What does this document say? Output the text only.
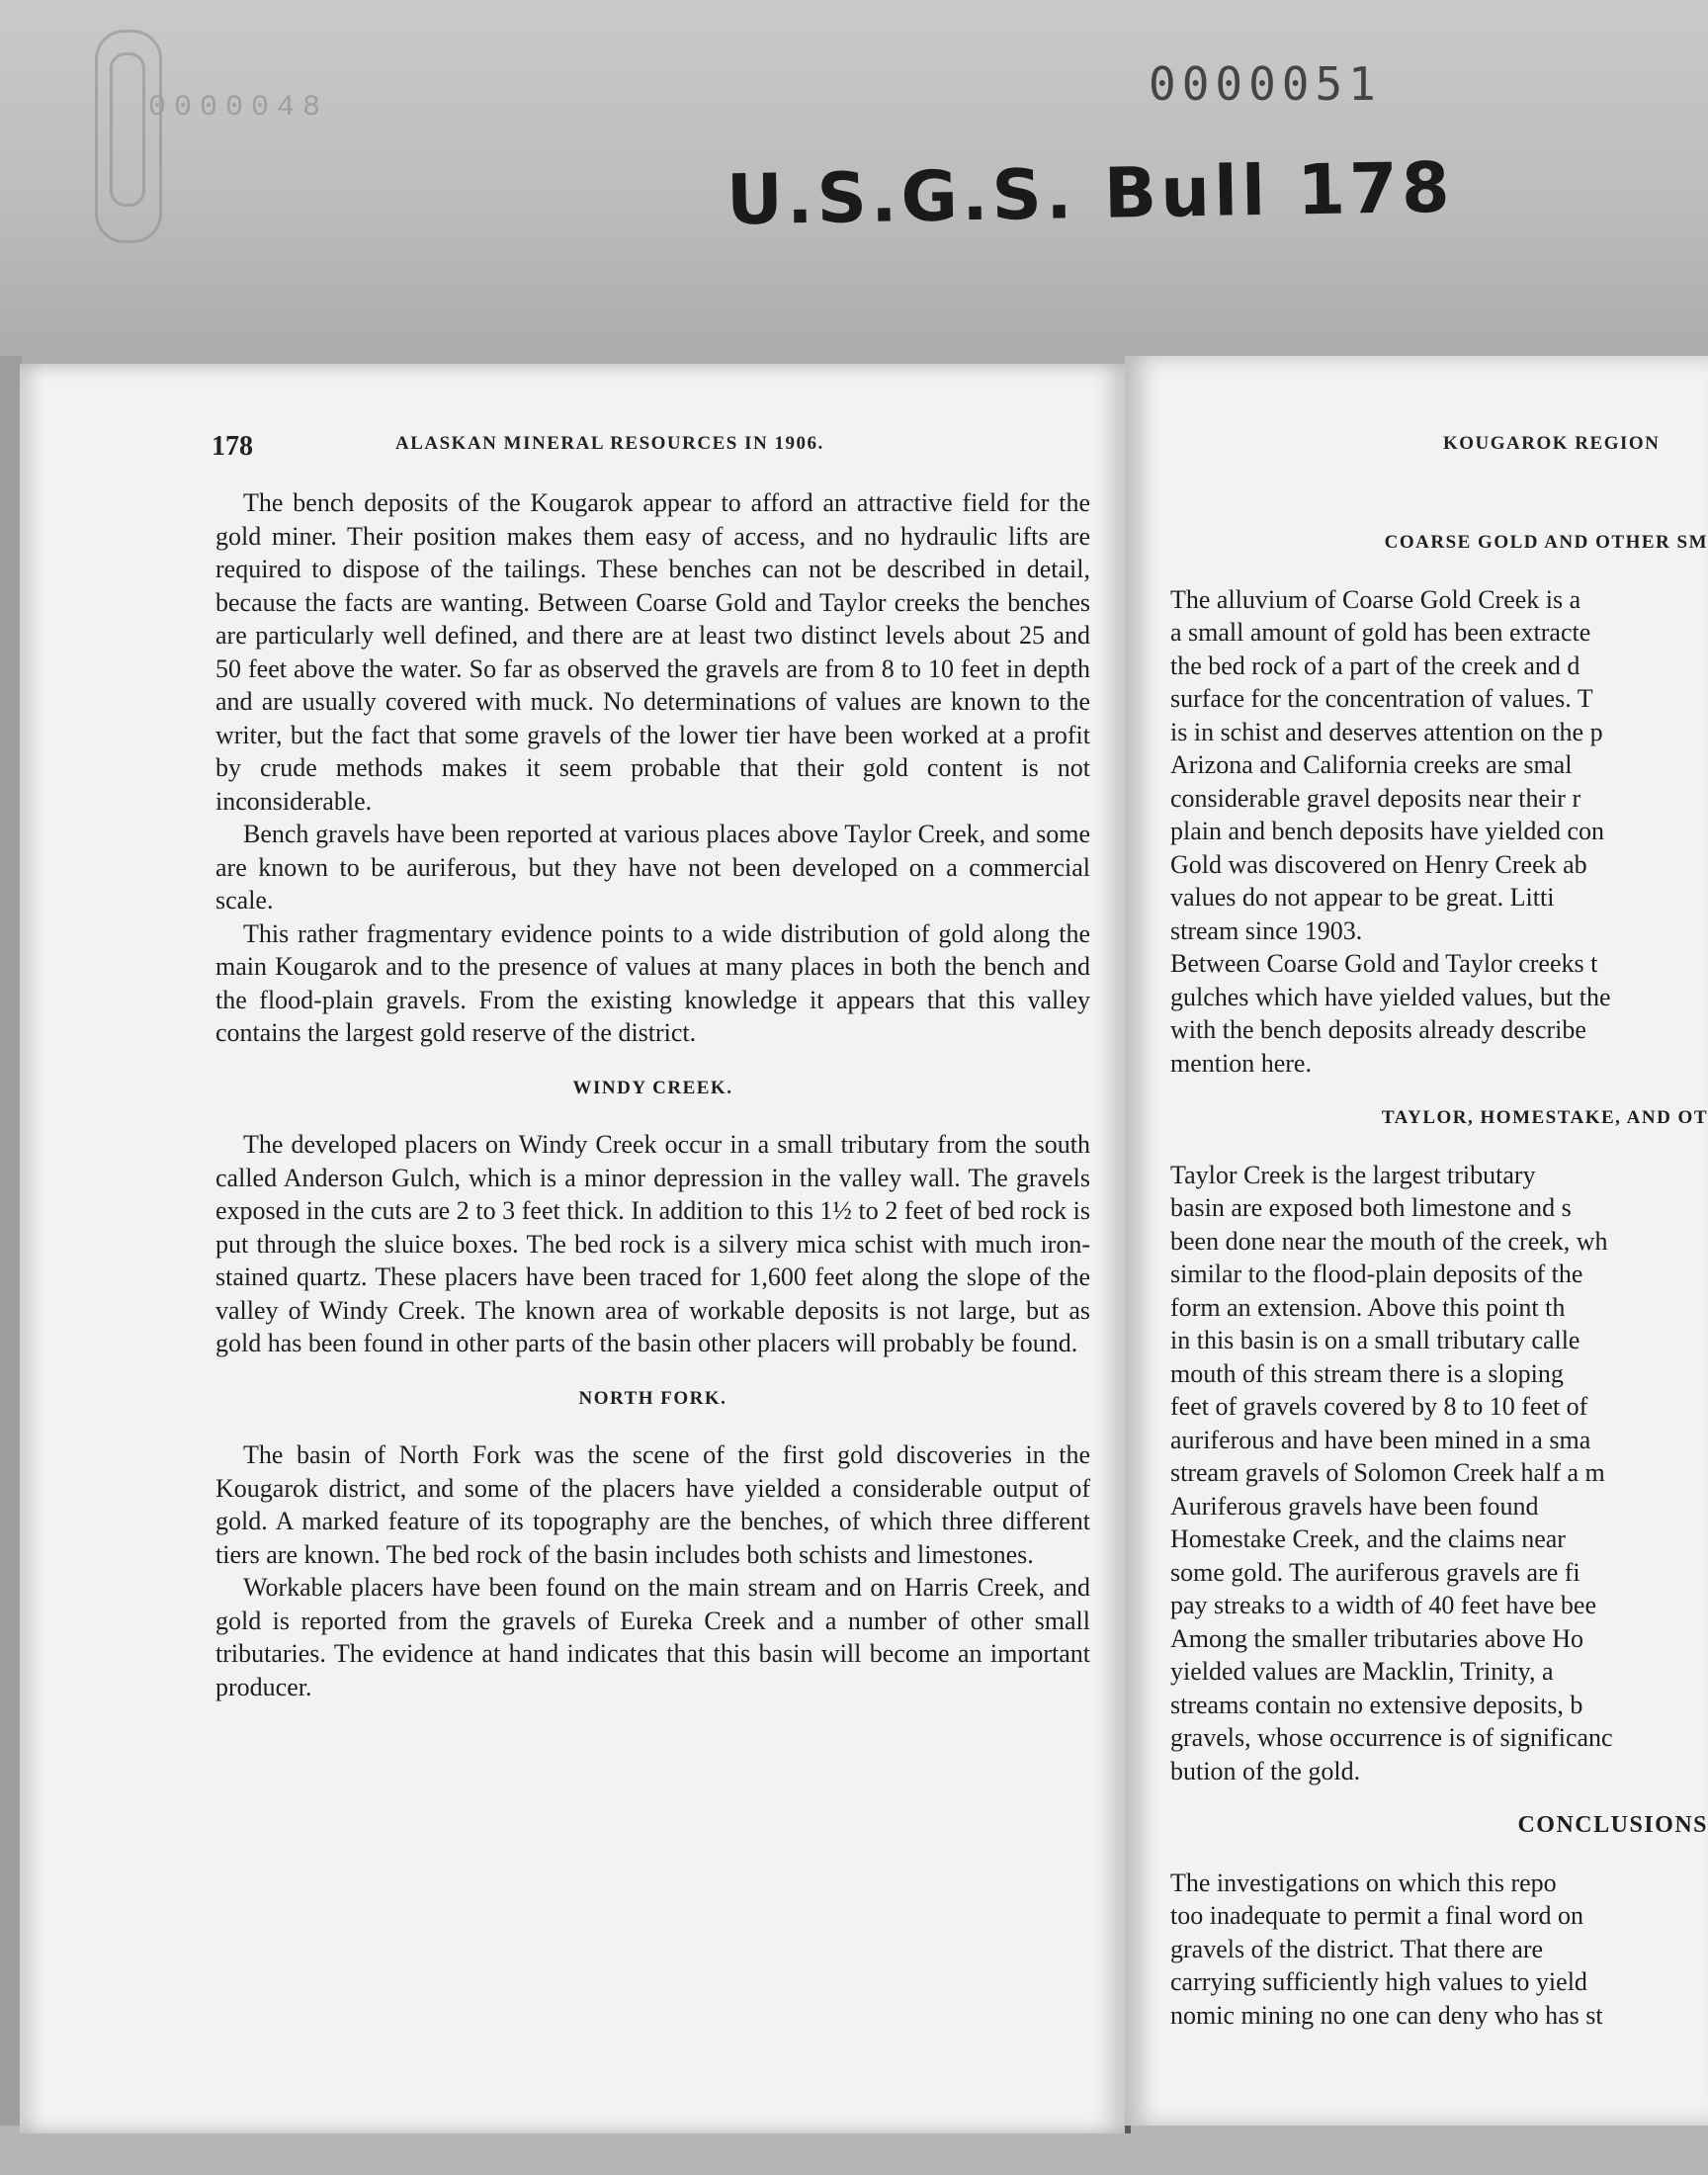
0000048	0000051
U.S.G.S. Bull 178
178	ALASKAN MINERAL RESOURCES IN 1906.	KOUGAROK REGION

The bench deposits of the Kougarok appear to afford an attractive field for the gold miner. Their position makes them easy of access, and no hydraulic lifts are required to dispose of the tailings. These benches can not be described in detail, because the facts are wanting. Between Coarse Gold and Taylor creeks the benches are particularly well defined, and there are at least two distinct levels about 25 and 50 feet above the water. So far as observed the gravels are from 8 to 10 feet in depth and are usually covered with muck. No determinations of values are known to the writer, but the fact that some gravels of the lower tier have been worked at a profit by crude methods makes it seem probable that their gold content is not inconsiderable.

Bench gravels have been reported at various places above Taylor Creek, and some are known to be auriferous, but they have not been developed on a commercial scale.

This rather fragmentary evidence points to a wide distribution of gold along the main Kougarok and to the presence of values at many places in both the bench and the flood-plain gravels. From the existing knowledge it appears that this valley contains the largest gold reserve of the district.

WINDY CREEK.

The developed placers on Windy Creek occur in a small tributary from the south called Anderson Gulch, which is a minor depression in the valley wall. The gravels exposed in the cuts are 2 to 3 feet thick. In addition to this 1½ to 2 feet of bed rock is put through the sluice boxes. The bed rock is a silvery mica schist with much iron-stained quartz. These placers have been traced for 1,600 feet along the slope of the valley of Windy Creek. The known area of workable deposits is not large, but as gold has been found in other parts of the basin other placers will probably be found.

NORTH FORK.

The basin of North Fork was the scene of the first gold discoveries in the Kougarok district, and some of the placers have yielded a considerable output of gold. A marked feature of its topography are the benches, of which three different tiers are known. The bed rock of the basin includes both schists and limestones.

Workable placers have been found on the main stream and on Harris Creek, and gold is reported from the gravels of Eureka Creek and a number of other small tributaries. The evidence at hand indicates that this basin will become an important producer.

COARSE GOLD AND OTHER SM

The alluvium of Coarse Gold Creek is a
a small amount of gold has been extracte
the bed rock of a part of the creek and d
surface for the concentration of values. T
is in schist and deserves attention on the p

Arizona and California creeks are smal
considerable gravel deposits near their r
plain and bench deposits have yielded con

Gold was discovered on Henry Creek ab
values do not appear to be great. Litti
stream since 1903.

Between Coarse Gold and Taylor creeks t
gulches which have yielded values, but the
with the bench deposits already describe
mention here.

TAYLOR, HOMESTAKE, AND OT

Taylor Creek is the largest tributary
basin are exposed both limestone and s
been done near the mouth of the creek, wh
similar to the flood-plain deposits of the
form an extension. Above this point th
in this basin is on a small tributary calle
mouth of this stream there is a sloping
feet of gravels covered by 8 to 10 feet of
auriferous and have been mined in a sma
stream gravels of Solomon Creek half a m

Auriferous gravels have been found
Homestake Creek, and the claims near
some gold. The auriferous gravels are fi
pay streaks to a width of 40 feet have bee

Among the smaller tributaries above Ho
yielded values are Macklin, Trinity, a
streams contain no extensive deposits, b
gravels, whose occurrence is of significanc
bution of the gold.

CONCLUSIONS

The investigations on which this repo
too inadequate to permit a final word on
gravels of the district. That there are
carrying sufficiently high values to yield
nomic mining no one can deny who has st
